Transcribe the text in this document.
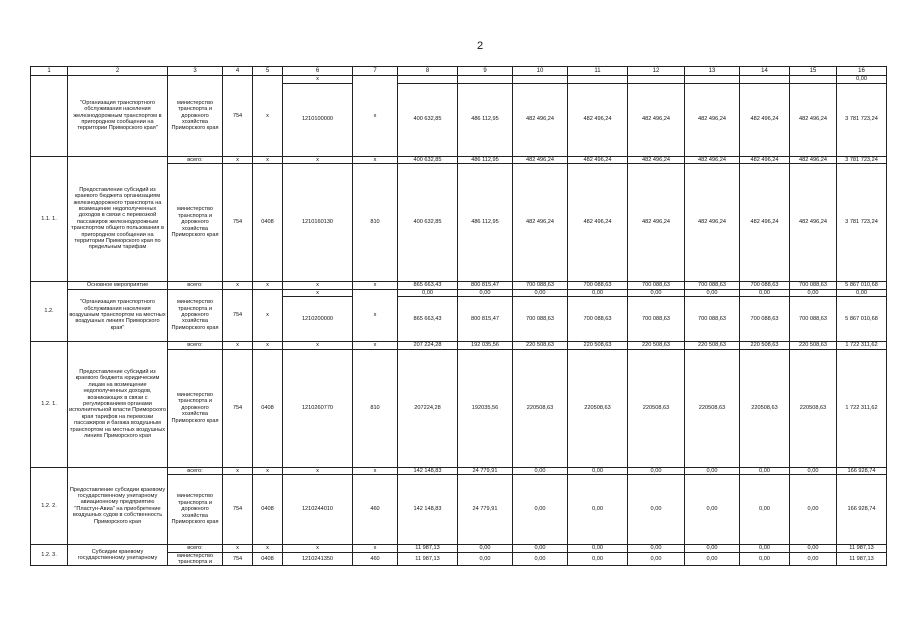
2
1	2	3	4	5	6	7	8	9	10	11	12	13	14	15	16
	"Организация транспортного обслуживания населения железнодорожным транспортом в пригородном сообщении на территории Приморского края"	министерство транспорта и дорожного хозяйства Приморского края	754	x	x	x									0,00
					1210100000		400 632,85	486 112,95	482 496,24	482 496,24	482 496,24	482 496,24	482 496,24	482 496,24	3 781 723,24
1.1. 1.	Предоставление субсидий из краевого бюджета организациям железнодорожного транспорта на возмещение недополученных доходов в связи с перевозкой пассажиров железнодорожным транспортом общего пользования в пригородном сообщении на территории Приморского края по предельным тарифам	всего:	x	x	x	x	400 632,85	486 112,95	482 496,24	482 496,24	482 496,24	482 496,24	482 496,24	482 496,24	3 781 723,24
		министерство транспорта и дорожного хозяйства Приморского края	754	0408	1210160130	810	400 632,85	486 112,95	482 496,24	482 496,24	482 496,24	482 496,24	482 496,24	482 496,24	3 781 723,24
1.2.	Основное мероприятие	всего:	x	x	x	x	865 663,43	800 815,47	700 088,63	700 088,63	700 088,63	700 088,63	700 088,63	700 088,63	5 867 010,68
	"Организация транспортного обслуживания населения воздушным транспортом на местных воздушных линиях Приморского края"	министерство транспорта и дорожного хозяйства Приморского края	754	x	x	x	0,00	0,00	0,00	0,00	0,00	0,00	0,00	0,00	0,00
					1210200000		865 663,43	800 815,47	700 088,63	700 088,63	700 088,63	700 088,63	700 088,63	700 088,63	5 867 010,68
1.2. 1.	Предоставление субсидий из краевого бюджета юридическим лицам на возмещение недополученных доходов, возникающих в связи с регулированием органами исполнительной власти Приморского края тарифов на перевозки пассажиров и багажа воздушным транспортом на местных воздушных линиях Приморского края	всего:	x	x	x	x	207 224,28	192 035,56	220 508,63	220 508,63	220 508,63	220 508,63	220 508,63	220 508,63	1 722 311,62
		министерство транспорта и дорожного хозяйства Приморского края	754	0408	1210260770	810	207224,28	192035,56	220508,63	220508,63	220508,63	220508,63	220508,63	220508,63	1 722 311,62
1.2. 2.	Предоставление субсидии краевому государственному унитарному авиационному предприятию "Пластун-Авиа" на приобретение воздушных судов в собственность Приморского края	всего:	x	x	x	x	142 148,83	24 779,91	0,00	0,00	0,00	0,00	0,00	0,00	166 928,74
		министерство транспорта и дорожного хозяйства Приморского края	754	0408	1210244010	460	142 148,83	24 779,91	0,00	0,00	0,00	0,00	0,00	0,00	166 928,74
1.2. 3.	Субсидии краевому государственному унитарному	всего:	x	x	x	x	11 987,13	0,00	0,00	0,00	0,00	0,00	0,00	0,00	11 987,13
		министерство транспорта и	754	0408	1210241350	460	11 987,13	0,00	0,00	0,00	0,00	0,00	0,00	0,00	11 987,13
